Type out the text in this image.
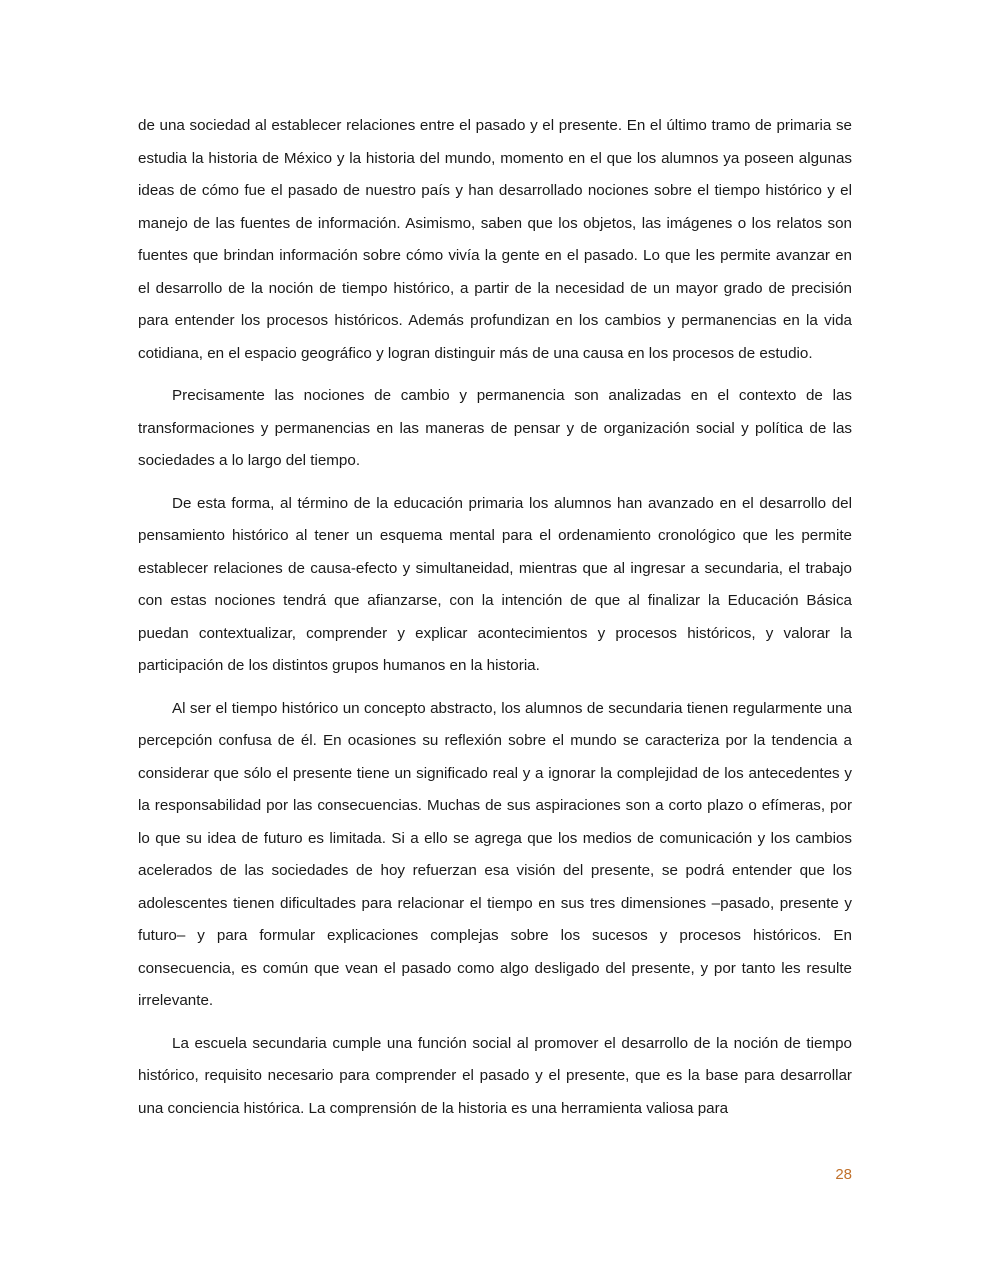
de una sociedad al establecer relaciones entre el pasado y el presente. En el último tramo de primaria se estudia la historia de México y la historia del mundo, momento en el que los alumnos ya poseen algunas ideas de cómo fue el pasado de nuestro país y han desarrollado nociones sobre el tiempo histórico y el manejo de las fuentes de información. Asimismo, saben que los objetos, las imágenes o los relatos son fuentes que brindan información sobre cómo vivía la gente en el pasado. Lo que les permite avanzar en el desarrollo de la noción de tiempo histórico, a partir de la necesidad de un mayor grado de precisión para entender los procesos históricos. Además profundizan en los cambios y permanencias en la vida cotidiana, en el espacio geográfico y logran distinguir más de una causa en los procesos de estudio.

Precisamente las nociones de cambio y permanencia son analizadas en el contexto de las transformaciones y permanencias en las maneras de pensar y de organización social y política de las sociedades a lo largo del tiempo.

De esta forma, al término de la educación primaria los alumnos han avanzado en el desarrollo del pensamiento histórico al tener un esquema mental para el ordenamiento cronológico que les permite establecer relaciones de causa-efecto y simultaneidad, mientras que al ingresar a secundaria, el trabajo con estas nociones tendrá que afianzarse, con la intención de que al finalizar la Educación Básica puedan contextualizar, comprender y explicar acontecimientos y procesos históricos, y valorar la participación de los distintos grupos humanos en la historia.

Al ser el tiempo histórico un concepto abstracto, los alumnos de secundaria tienen regularmente una percepción confusa de él. En ocasiones su reflexión sobre el mundo se caracteriza por la tendencia a considerar que sólo el presente tiene un significado real y a ignorar la complejidad de los antecedentes y la responsabilidad por las consecuencias. Muchas de sus aspiraciones son a corto plazo o efímeras, por lo que su idea de futuro es limitada. Si a ello se agrega que los medios de comunicación y los cambios acelerados de las sociedades de hoy refuerzan esa visión del presente, se podrá entender que los adolescentes tienen dificultades para relacionar el tiempo en sus tres dimensiones –pasado, presente y futuro– y para formular explicaciones complejas sobre los sucesos y procesos históricos. En consecuencia, es común que vean el pasado como algo desligado del presente, y por tanto les resulte irrelevante.

La escuela secundaria cumple una función social al promover el desarrollo de la noción de tiempo histórico, requisito necesario para comprender el pasado y el presente, que es la base para desarrollar una conciencia histórica. La comprensión de la historia es una herramienta valiosa para

28
